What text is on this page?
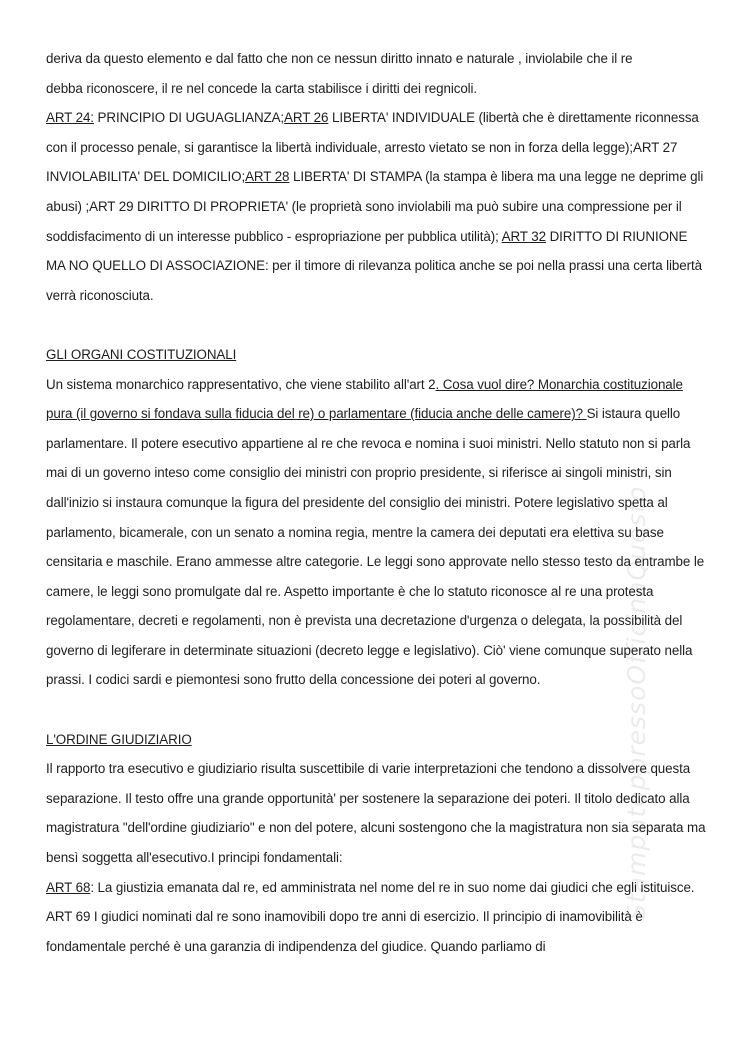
deriva da questo elemento e dal fatto che non ce nessun diritto innato e naturale , inviolabile che il re
debba riconoscere, il re nel concede la carta stabilisce i diritti dei regnicoli.

ART 24: PRINCIPIO DI UGUAGLIANZA;ART 26 LIBERTA' INDIVIDUALE (libertà che è direttamente riconnessa con il processo penale, si garantisce la libertà individuale, arresto vietato se non in forza della legge);ART 27 INVIOLABILITA' DEL DOMICILIO;ART 28 LIBERTA' DI STAMPA (la stampa è libera ma una legge ne deprime gli abusi) ;ART 29 DIRITTO DI PROPRIETA' (le proprietà sono inviolabili ma può subire una compressione per il soddisfacimento di un interesse pubblico - espropriazione per pubblica utilità); ART 32 DIRITTO DI RIUNIONE MA NO QUELLO DI ASSOCIAZIONE: per il timore di rilevanza politica anche se poi nella prassi una certa libertà verrà riconosciuta.

GLI ORGANI COSTITUZIONALI

Un sistema monarchico rappresentativo, che viene stabilito all'art 2. Cosa vuol dire? Monarchia costituzionale pura (il governo si fondava sulla fiducia del re) o parlamentare (fiducia anche delle camere)? Si istaura quello parlamentare. Il potere esecutivo appartiene al re che revoca e nomina i suoi ministri. Nello statuto non si parla mai di un governo inteso come consiglio dei ministri con proprio presidente, si riferisce ai singoli ministri, sin dall'inizio si instaura comunque la figura del presidente del consiglio dei ministri. Potere legislativo spetta al parlamento, bicamerale, con un senato a nomina regia, mentre la camera dei deputati era elettiva su base censitaria e maschile. Erano ammesse altre categorie. Le leggi sono approvate nello stesso testo da entrambe le camere, le leggi sono promulgate dal re. Aspetto importante è che lo statuto riconosce al re una protesta regolamentare, decreti e regolamenti, non è prevista una decretazione d'urgenza o delegata, la possibilità del governo di legiferare in determinate situazioni (decreto legge e legislativo). Ciò' viene comunque superato nella prassi. I codici sardi e piemontesi sono frutto della concessione dei poteri al governo.

L'ORDINE GIUDIZIARIO

Il rapporto tra esecutivo e giudiziario risulta suscettibile di varie interpretazioni che tendono a dissolvere questa separazione. Il testo offre una grande opportunità' per sostenere la separazione dei poteri. Il titolo dedicato alla magistratura "dell'ordine giudiziario" e non del potere, alcuni sostengono che la magistratura non sia separata ma bensì soggetta all'esecutivo.I principi fondamentali:

ART 68: La giustizia emanata dal re, ed amministrata nel nome del re in suo nome dai giudici che egli istituisce. ART 69 I giudici nominati dal re sono inamovibili dopo tre anni di esercizio. Il principio di inamovibilità è fondamentale perché è una garanzia di indipendenza del giudice. Quando parliamo di

StampatoppressoOfficinaQuesto
